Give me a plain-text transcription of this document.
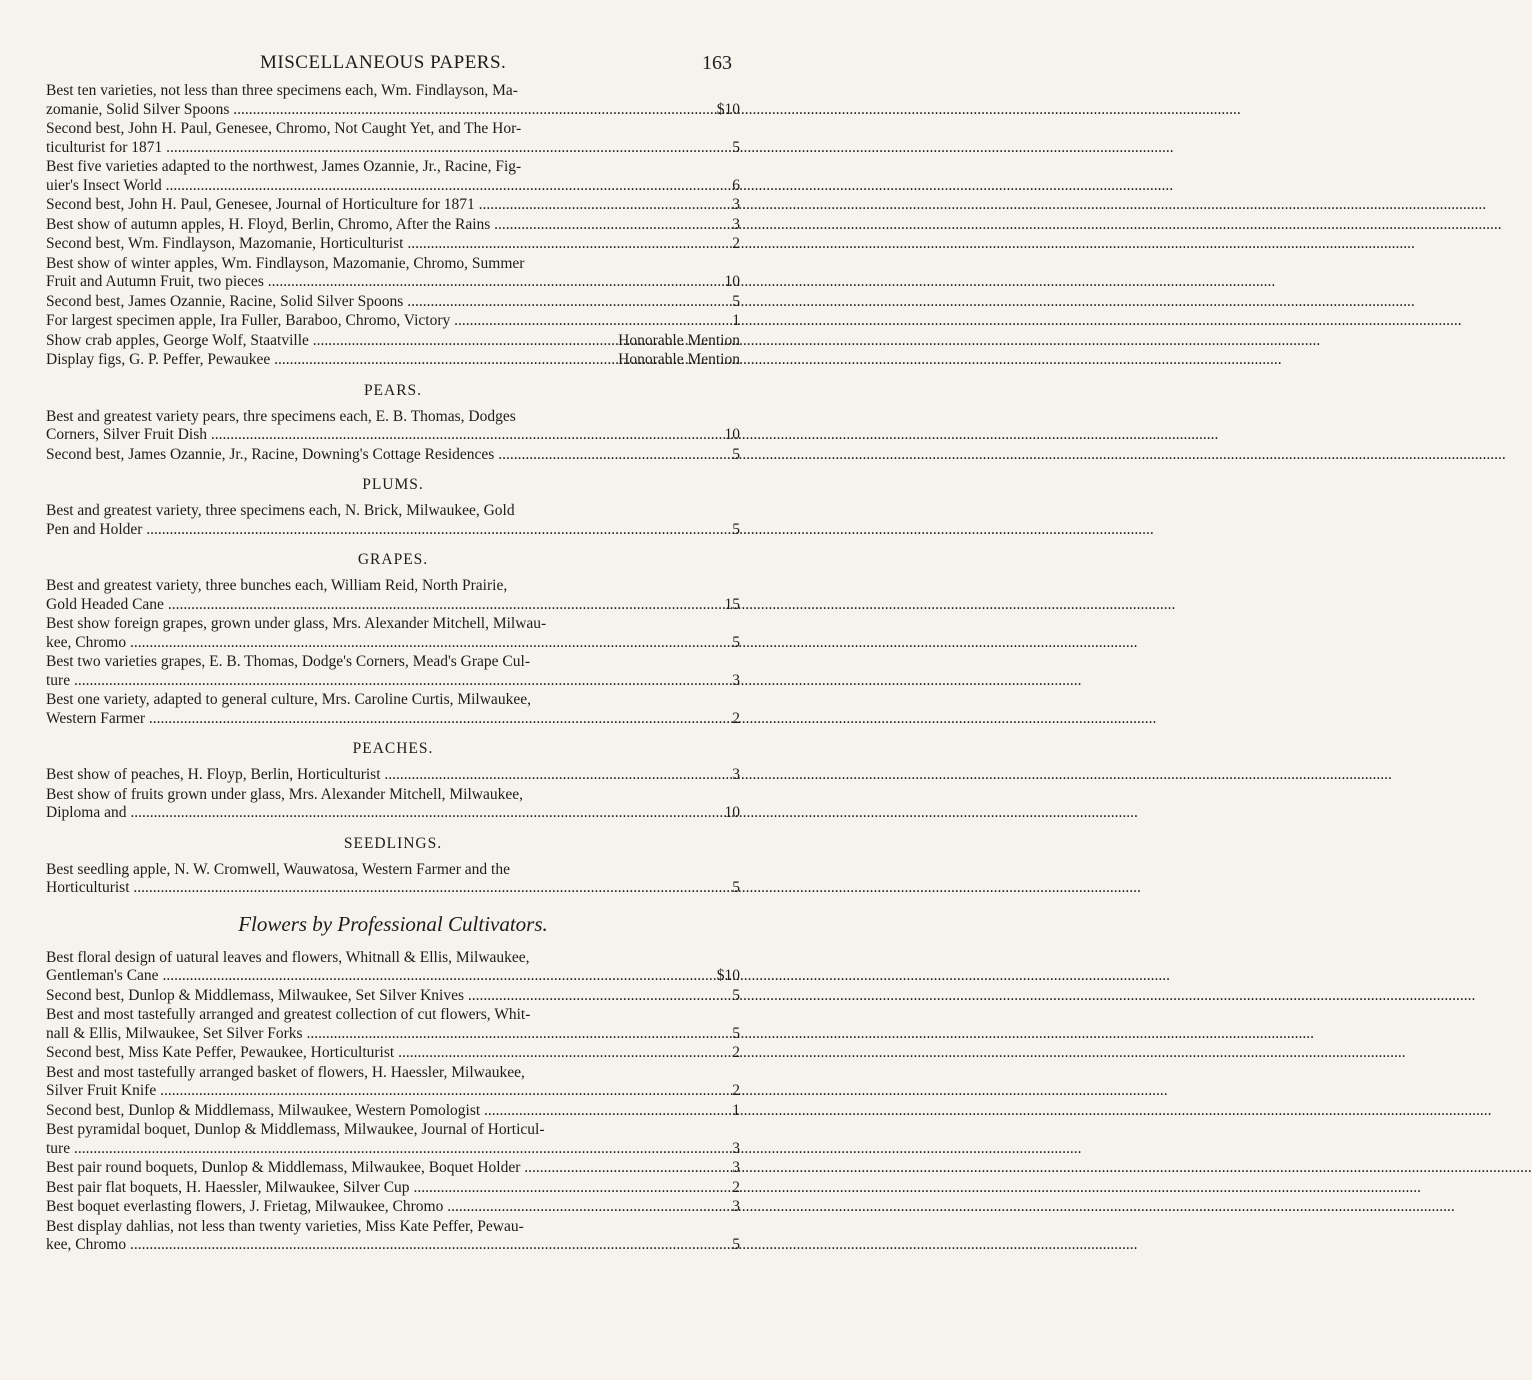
MISCELLANEOUS PAPERS.	163
Best ten varieties, not less than three specimens each, Wm. Findlayson, Ma-
zomanie, Solid Silver Spoons .....	$10
Second best, John H. Paul, Genesee, Chromo, Not Caught Yet, and The Hor-
ticulturist for 1871 .....	5
Best five varieties adapted to the northwest, James Ozannie, Jr., Racine, Fig-
uier's Insect World .....	6
Second best, John H. Paul, Genesee, Journal of Horticulture for 1871 .....	3
Best show of autumn apples, H. Floyd, Berlin, Chromo, After the Rains .....	3
Second best, Wm. Findlayson, Mazomanie, Horticulturist .....	2
Best show of winter apples, Wm. Findlayson, Mazomanie, Chromo, Summer
Fruit and Autumn Fruit, two pieces .....	10
Second best, James Ozannie, Racine, Solid Silver Spoons .....	5
For largest specimen apple, Ira Fuller, Baraboo, Chromo, Victory .....	1
Show crab apples, George Wolf, Staatville .....	Honorable Mention
Display figs, G. P. Peffer, Pewaukee .....	Honorable Mention
PEARS.
Best and greatest variety pears, thre specimens each, E. B. Thomas, Dodges
Corners, Silver Fruit Dish .....	10
Second best, James Ozannie, Jr., Racine, Downing's Cottage Residences .....	5
PLUMS.
Best and greatest variety, three specimens each, N. Brick, Milwaukee, Gold
Pen and Holder .....	5
GRAPES.
Best and greatest variety, three bunches each, William Reid, North Prairie,
Gold Headed Cane .....	15
Best show foreign grapes, grown under glass, Mrs. Alexander Mitchell, Milwau-
kee, Chromo .....	5
Best two varieties grapes, E. B. Thomas, Dodge's Corners, Mead's Grape Cul-
ture .....	3
Best one variety, adapted to general culture, Mrs. Caroline Curtis, Milwaukee,
Western Farmer .....	2
PEACHES.
Best show of peaches, H. Floyp, Berlin, Horticulturist .....	3
Best show of fruits grown under glass, Mrs. Alexander Mitchell, Milwaukee,
Diploma and .....	10
SEEDLINGS.
Best seedling apple, N. W. Cromwell, Wauwatosa, Western Farmer and the
Horticulturist .....	5
Flowers by Professional Cultivators.
Best floral design of uatural leaves and flowers, Whitnall & Ellis, Milwaukee,
Gentleman's Cane .....	$10
Second best, Dunlop & Middlemass, Milwaukee, Set Silver Knives .....	5
Best and most tastefully arranged and greatest collection of cut flowers, Whit-
nall & Ellis, Milwaukee, Set Silver Forks .....	5
Second best, Miss Kate Peffer, Pewaukee, Horticulturist .....	2
Best and most tastefully arranged basket of flowers, H. Haessler, Milwaukee,
Silver Fruit Knife .....	2
Second best, Dunlop & Middlemass, Milwaukee, Western Pomologist .....	1
Best pyramidal boquet, Dunlop & Middlemass, Milwaukee, Journal of Horticul-
ture .....	3
Best pair round boquets, Dunlop & Middlemass, Milwaukee, Boquet Holder .....	3
Best pair flat boquets, H. Haessler, Milwaukee, Silver Cup .....	2
Best boquet everlasting flowers, J. Frietag, Milwaukee, Chromo .....	3
Best display dahlias, not less than twenty varieties, Miss Kate Peffer, Pewau-
kee, Chromo .....	5
